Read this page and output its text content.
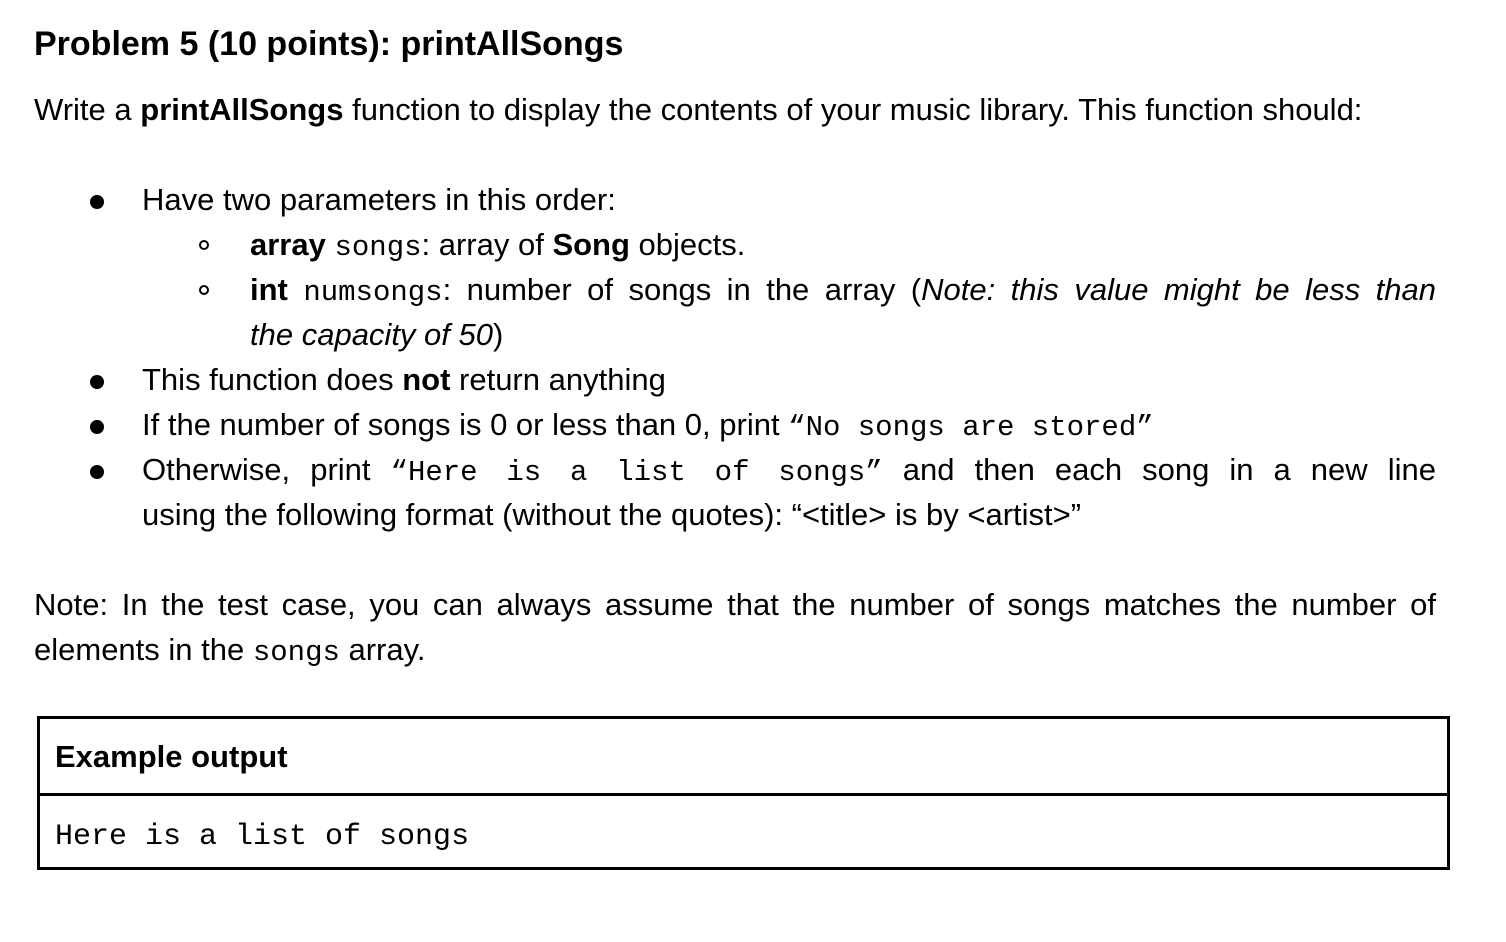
Problem 5 (10 points): printAllSongs
Write a printAllSongs function to display the contents of your music library. This function should:
Have two parameters in this order:
array songs: array of Song objects.
int numsongs: number of songs in the array (Note: this value might be less than
the capacity of 50)
This function does not return anything
If the number of songs is 0 or less than 0, print “No songs are stored”
Otherwise, print “Here is a list of songs” and then each song in a new line
using the following format (without the quotes): “<title> is by <artist>”
Note: In the test case, you can always assume that the number of songs matches the number of elements in the songs array.
Example output
Here is a list of songs
